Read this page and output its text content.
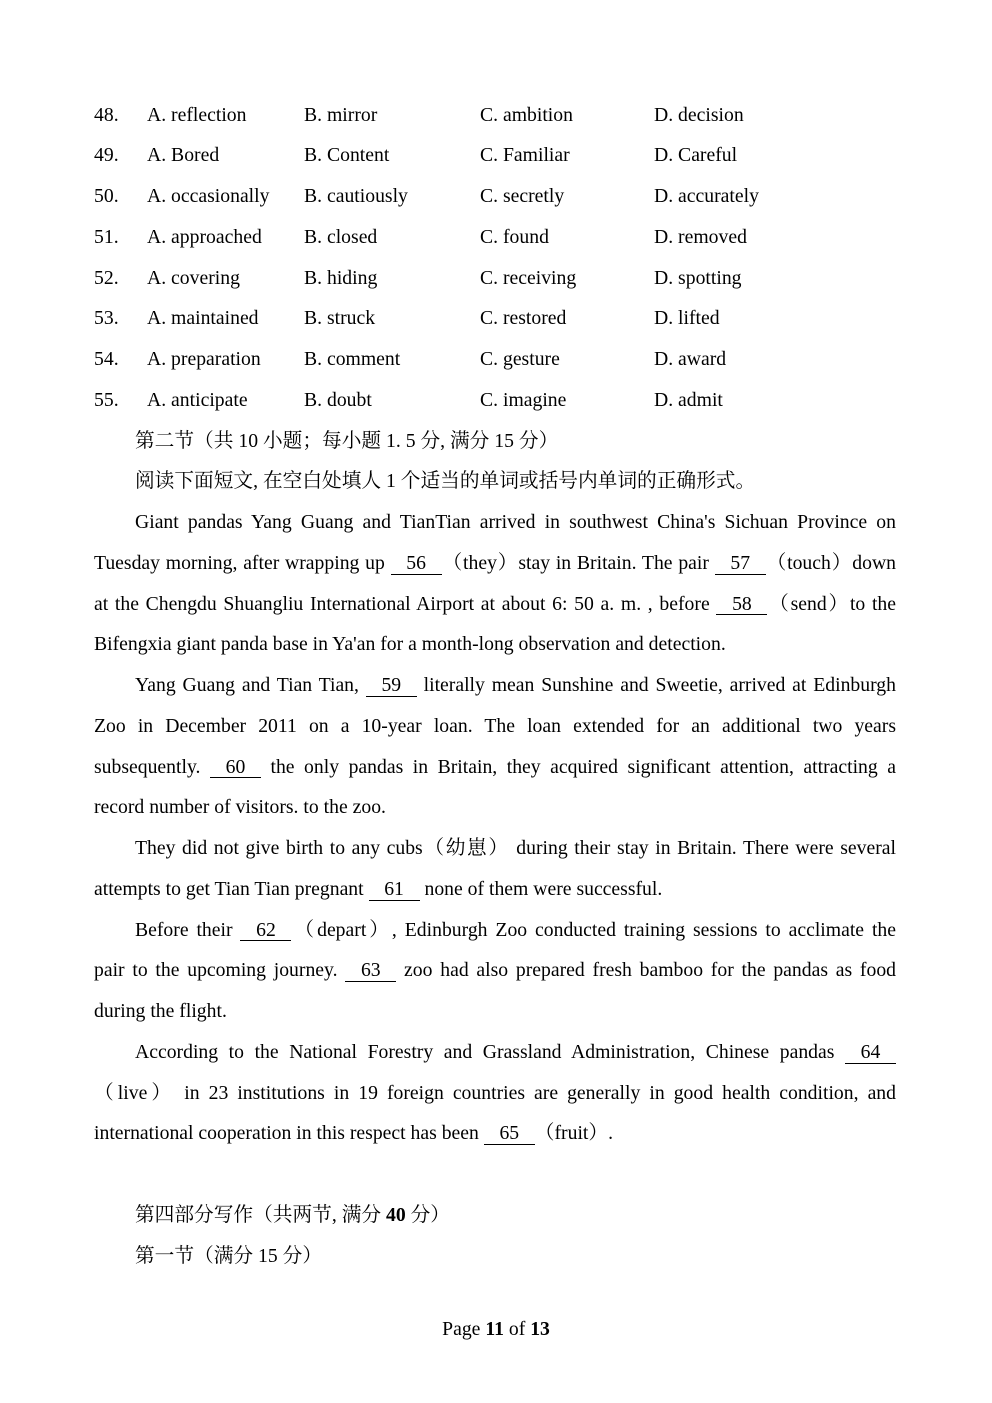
48.	A. reflection	B. mirror	C. ambition	D. decision
49.	A. Bored	B. Content	C. Familiar	D. Careful
50.	A. occasionally	B. cautiously	C. secretly	D. accurately
51.	A. approached	B. closed	C. found	D. removed
52.	A. covering	B. hiding	C. receiving	D. spotting
53.	A. maintained	B. struck	C. restored	D. lifted
54.	A. preparation	B. comment	C. gesture	D. award
55.	A. anticipate	B. doubt	C. imagine	D. admit
第二节（共 10 小题；每小题 1. 5 分, 满分 15 分）
阅读下面短文, 在空白处填人 1 个适当的单词或括号内单词的正确形式。
Giant pandas Yang Guang and TianTian arrived in southwest China's Sichuan Province on
Tuesday morning, after wrapping up 56 （they）stay in Britain. The pair 57 （touch）down
at the Chengdu Shuangliu International Airport at about 6: 50 a. m. , before 58 （send）to the
Bifengxia giant panda base in Ya'an for a month-long observation and detection.
Yang Guang and Tian Tian, 59 literally mean Sunshine and Sweetie, arrived at Edinburgh
Zoo in December 2011 on a 10-year loan. The loan extended for an additional two years
subsequently. 60 the only pandas in Britain, they acquired significant attention, attracting a
record number of visitors. to the zoo.
They did not give birth to any cubs（幼崽） during their stay in Britain. There were several
attempts to get Tian Tian pregnant 61 none of them were successful.
Before their 62 （depart）, Edinburgh Zoo conducted training sessions to acclimate the
pair to the upcoming journey. 63 zoo had also prepared fresh bamboo for the pandas as food
during the flight.
According to the National Forestry and Grassland Administration, Chinese pandas 64
（live） in 23 institutions in 19 foreign countries are generally in good health condition, and
international cooperation in this respect has been 65 （fruit）.
第四部分写作（共两节, 满分 40 分）
第一节（满分 15 分）
Page 11 of 13
